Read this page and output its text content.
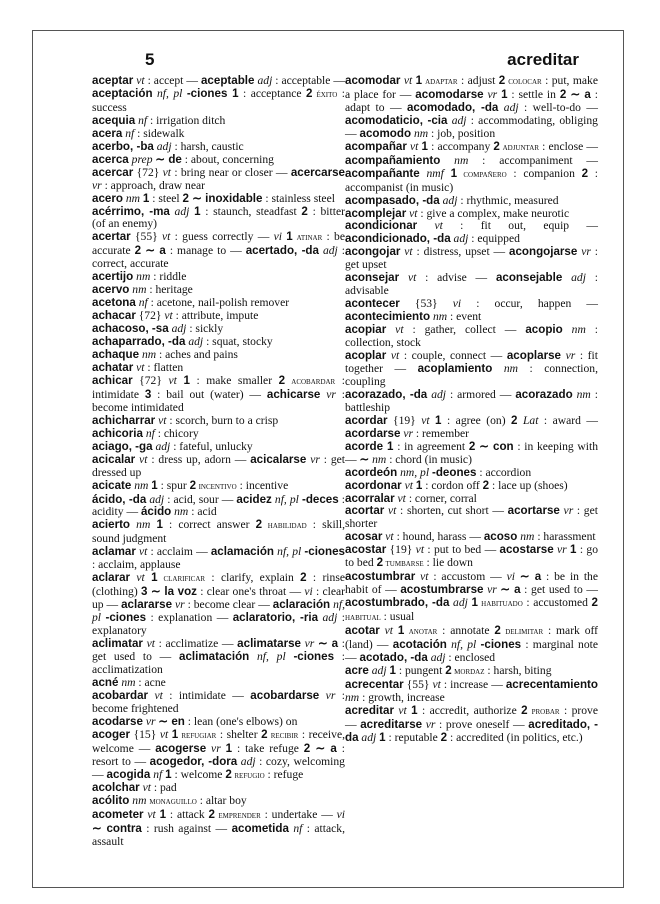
5	acreditar

aceptar vt : accept — aceptable adj : acceptable — aceptación nf, pl -ciones 1 : acceptance 2 éxito : success

acequia nf : irrigation ditch

acera nf : sidewalk

acerbo, -ba adj : harsh, caustic

acerca prep ∼ de : about, concerning

acercar {72} vt : bring near or closer — acercarse vr : approach, draw near

acero nm 1 : steel 2 ∼ inoxidable : stainless steel

acérrimo, -ma adj 1 : staunch, steadfast 2 : bitter (of an enemy)

acertar {55} vt : guess correctly — vi 1 atinar : be accurate 2 ∼ a : manage to — acertado, -da adj : correct, accurate

acertijo nm : riddle

acervo nm : heritage

acetona nf : acetone, nail-polish remover

achacar {72} vt : attribute, impute

achacoso, -sa adj : sickly

achaparrado, -da adj : squat, stocky

achaque nm : aches and pains

achatar vt : flatten

achicar {72} vt 1 : make smaller 2 acobardar : intimidate 3 : bail out (water) — achicarse vr : become intimidated

achicharrar vt : scorch, burn to a crisp

achicoria nf : chicory

aciago, -ga adj : fateful, unlucky

acicalar vt : dress up, adorn — acicalarse vr : get dressed up

acicate nm 1 : spur 2 incentivo : incentive

ácido, -da adj : acid, sour — acidez nf, pl -deces : acidity — ácido nm : acid

acierto nm 1 : correct answer 2 habilidad : skill, sound judgment

aclamar vt : acclaim — aclamación nf, pl -ciones : acclaim, applause

aclarar vt 1 clarificar : clarify, explain 2 : rinse (clothing) 3 ∼ la voz : clear one's throat — vi : clear up — aclararse vr : become clear — aclaración nf, pl -ciones : explanation — aclaratorio, -ria adj : explanatory

aclimatar vt : acclimatize — aclimatarse vr ∼ a : get used to — aclimatación nf, pl -ciones : acclimatization

acné nm : acne

acobardar vt : intimidate — acobardarse vr : become frightened

acodarse vr ∼ en : lean (one's elbows) on

acoger {15} vt 1 refugiar : shelter 2 recibir : receive, welcome — acogerse vr 1 : take refuge 2 ∼ a : resort to — acogedor, -dora adj : cozy, welcoming — acogida nf 1 : welcome 2 refugio : refuge

acolchar vt : pad

acólito nm monaguillo : altar boy

acometer vt 1 : attack 2 emprender : undertake — vi ∼ contra : rush against — acometida nf : attack, assault

acomodar vt 1 adaptar : adjust 2 colocar : put, make a place for — acomodarse vr 1 : settle in 2 ∼ a : adapt to — acomodado, -da adj : well-to-do — acomodaticio, -cia adj : accommodating, obliging — acomodo nm : job, position

acompañar vt 1 : accompany 2 adjuntar : enclose — acompañamiento nm : accompaniment — acompañante nmf 1 compañero : companion 2 : accompanist (in music)

acompasado, -da adj : rhythmic, measured

acomplejar vt : give a complex, make neurotic

acondicionar vt : fit out, equip — acondicionado, -da adj : equipped

acongojar vt : distress, upset — acongojarse vr : get upset

aconsejar vt : advise — aconsejable adj : advisable

acontecer {53} vi : occur, happen — acontecimiento nm : event

acopiar vt : gather, collect — acopio nm : collection, stock

acoplar vt : couple, connect — acoplarse vr : fit together — acoplamiento nm : connection, coupling

acorazado, -da adj : armored — acorazado nm : battleship

acordar {19} vt 1 : agree (on) 2 Lat : award — acordarse vr : remember

acorde 1 : in agreement 2 ∼ con : in keeping with — ∼ nm : chord (in music)

acordeón nm, pl -deones : accordion

acordonar vt 1 : cordon off 2 : lace up (shoes)

acorralar vt : corner, corral

acortar vt : shorten, cut short — acortarse vr : get shorter

acosar vt : hound, harass — acoso nm : harassment

acostar {19} vt : put to bed — acostarse vr 1 : go to bed 2 tumbarse : lie down

acostumbrar vt : accustom — vi ∼ a : be in the habit of — acostumbrarse vr ∼ a : get used to — acostumbrado, -da adj 1 habituado : accustomed 2 habitual : usual

acotar vt 1 anotar : annotate 2 delimitar : mark off (land) — acotación nf, pl -ciones : marginal note — acotado, -da adj : enclosed

acre adj 1 : pungent 2 mordaz : harsh, biting

acrecentar {55} vt : increase — acrecentamiento nm : growth, increase

acreditar vt 1 : accredit, authorize 2 probar : prove — acreditarse vr : prove oneself — acreditado, -da adj 1 : reputable 2 : accredited (in politics, etc.)
